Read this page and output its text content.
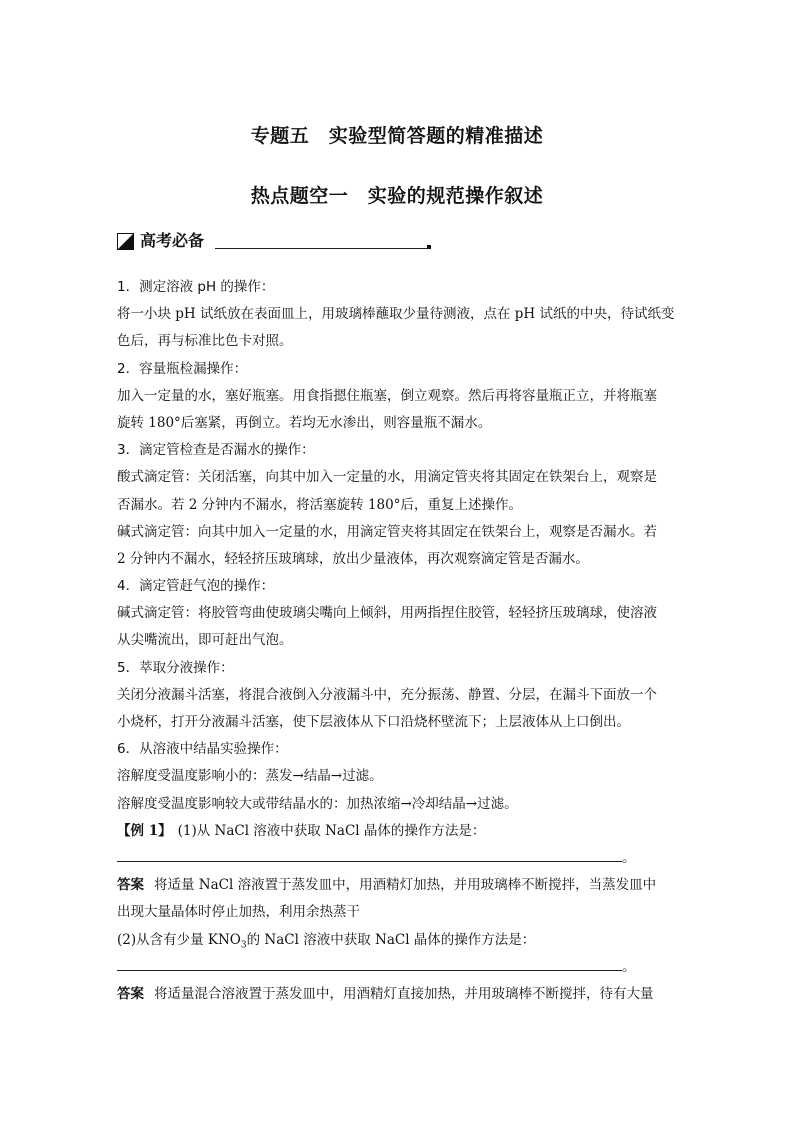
专题五　实验型简答题的精准描述
热点题空一　实验的规范操作叙述
高考必备
1．测定溶液 pH 的操作：
将一小块 pH 试纸放在表面皿上，用玻璃棒蘸取少量待测液，点在 pH 试纸的中央，待试纸变
色后，再与标准比色卡对照。
2．容量瓶检漏操作：
加入一定量的水，塞好瓶塞。用食指摁住瓶塞，倒立观察。然后再将容量瓶正立，并将瓶塞
旋转 180°后塞紧，再倒立。若均无水渗出，则容量瓶不漏水。
3．滴定管检查是否漏水的操作：
酸式滴定管：关闭活塞，向其中加入一定量的水，用滴定管夹将其固定在铁架台上，观察是
否漏水。若 2 分钟内不漏水，将活塞旋转 180°后，重复上述操作。
碱式滴定管：向其中加入一定量的水，用滴定管夹将其固定在铁架台上，观察是否漏水。若
2 分钟内不漏水，轻轻挤压玻璃球，放出少量液体，再次观察滴定管是否漏水。
4．滴定管赶气泡的操作：
碱式滴定管：将胶管弯曲使玻璃尖嘴向上倾斜，用两指捏住胶管，轻轻挤压玻璃球，使溶液
从尖嘴流出，即可赶出气泡。
5．萃取分液操作：
关闭分液漏斗活塞，将混合液倒入分液漏斗中，充分振荡、静置、分层，在漏斗下面放一个
小烧杯，打开分液漏斗活塞，使下层液体从下口沿烧杯壁流下；上层液体从上口倒出。
6．从溶液中结晶实验操作：
溶解度受温度影响小的：蒸发→结晶→过滤。
溶解度受温度影响较大或带结晶水的：加热浓缩→冷却结晶→过滤。
【例 1】 (1)从 NaCl 溶液中获取 NaCl 晶体的操作方法是：
。
答案 将适量 NaCl 溶液置于蒸发皿中，用酒精灯加热，并用玻璃棒不断搅拌，当蒸发皿中
出现大量晶体时停止加热，利用余热蒸干
(2)从含有少量 $KNO_3$的 NaCl 溶液中获取 NaCl 晶体的操作方法是：
。
答案 将适量混合溶液置于蒸发皿中，用酒精灯直接加热，并用玻璃棒不断搅拌，待有大量
